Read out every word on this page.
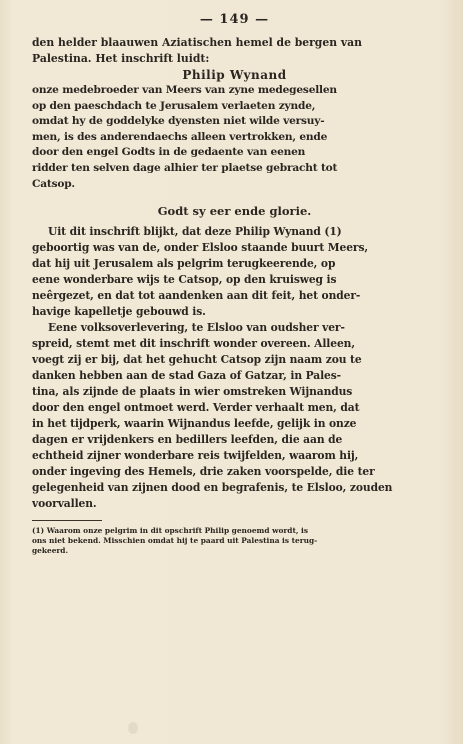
— 149 —
den helder blaauwen Aziatischen hemel de bergen van
Palestina. Het inschrift luidt:
Philip Wynand
onze medebroeder van Meers van zyne medegesellen
op den paeschdach te Jerusalem verlaeten zynde,
omdat hy de goddelyke dyensten niet wilde versuy-
men, is des anderendaechs alleen vertrokken, ende
door den engel Godts in de gedaente van eenen
ridder ten selven dage alhier ter plaetse gebracht tot
Catsop.
Godt sy eer ende glorie.
Uit dit inschrift blijkt, dat deze Philip Wynand (1)
geboortig was van de, onder Elsloo staande buurt Meers,
dat hij uit Jerusalem als pelgrim terugkeerende, op
eene wonderbare wijs te Catsop, op den kruisweg is
neêrgezet, en dat tot aandenken aan dit feit, het onder-
havige kapelletje gebouwd is.
Eene volksoverlevering, te Elsloo van oudsher ver-
spreid, stemt met dit inschrift wonder overeen. Alleen,
voegt zij er bij, dat het gehucht Catsop zijn naam zou te
danken hebben aan de stad Gaza of Gatzar, in Pales-
tina, als zijnde de plaats in wier omstreken Wijnandus
door den engel ontmoet werd. Verder verhaalt men, dat
in het tijdperk, waarin Wijnandus leefde, gelijk in onze
dagen er vrijdenkers en bedillers leefden, die aan de
echtheid zijner wonderbare reis twijfelden, waarom hij,
onder ingeving des Hemels, drie zaken voorspelde, die ter
gelegenheid van zijnen dood en begrafenis, te Elsloo, zouden
voorvallen.
(1) Waarom onze pelgrim in dit opschrift Philip genoemd wordt, is
ons niet bekend. Misschien omdat hij te paard uit Palestina is terug-
gekeerd.
